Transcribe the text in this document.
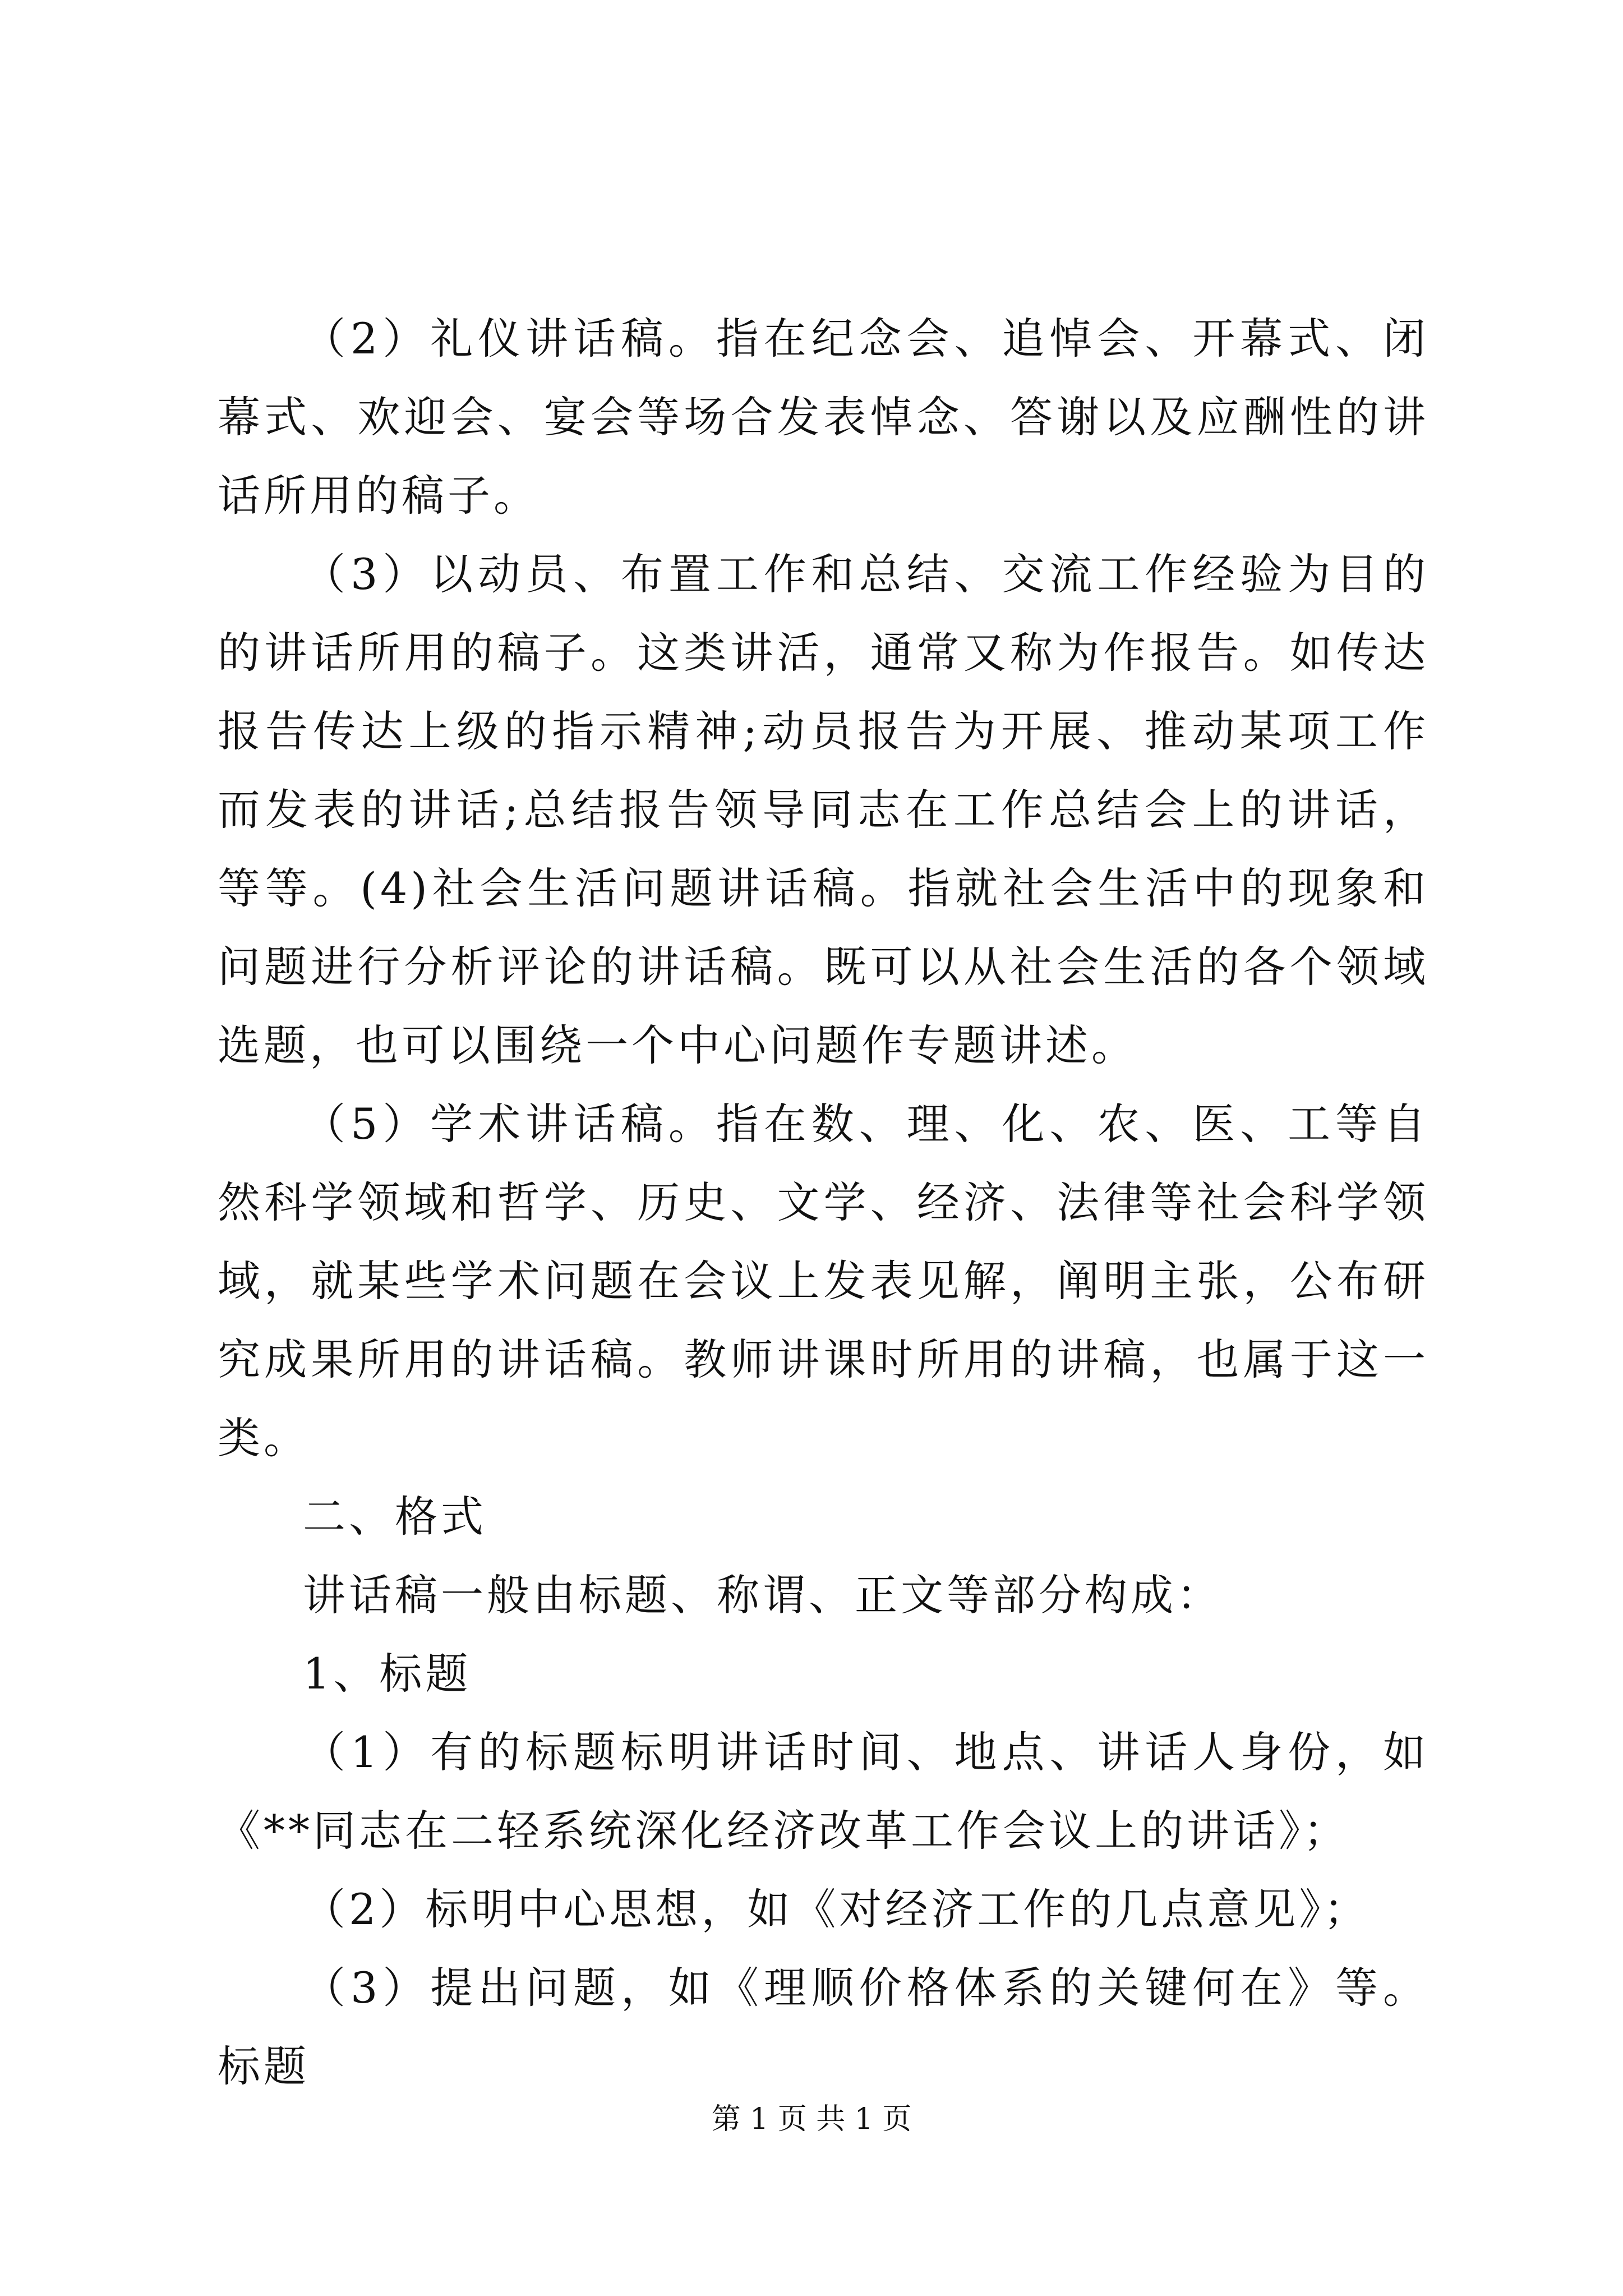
（2）礼仪讲话稿。指在纪念会、追悼会、开幕式、闭幕式、欢迎会、宴会等场合发表悼念、答谢以及应酬性的讲话所用的稿子。

（3）以动员、布置工作和总结、交流工作经验为目的的讲话所用的稿子。这类讲活，通常又称为作报告。如传达报告传达上级的指示精神;动员报告为开展、推动某项工作而发表的讲话;总结报告领导同志在工作总结会上的讲话，等等。(4)社会生活问题讲话稿。指就社会生活中的现象和问题进行分析评论的讲话稿。既可以从社会生活的各个领域选题，也可以围绕一个中心问题作专题讲述。

（5）学术讲话稿。指在数、理、化、农、医、工等自然科学领域和哲学、历史、文学、经济、法律等社会科学领域，就某些学术问题在会议上发表见解，阐明主张，公布研究成果所用的讲话稿。教师讲课时所用的讲稿，也属于这一类。

二、格式

讲话稿一般由标题、称谓、正文等部分构成：

1、标题

（1）有的标题标明讲话时间、地点、讲话人身份，如《**同志在二轻系统深化经济改革工作会议上的讲话》；

（2）标明中心思想，如《对经济工作的几点意见》；

（3）提出问题，如《理顺价格体系的关键何在》等。标题

第 1 页 共 1 页
